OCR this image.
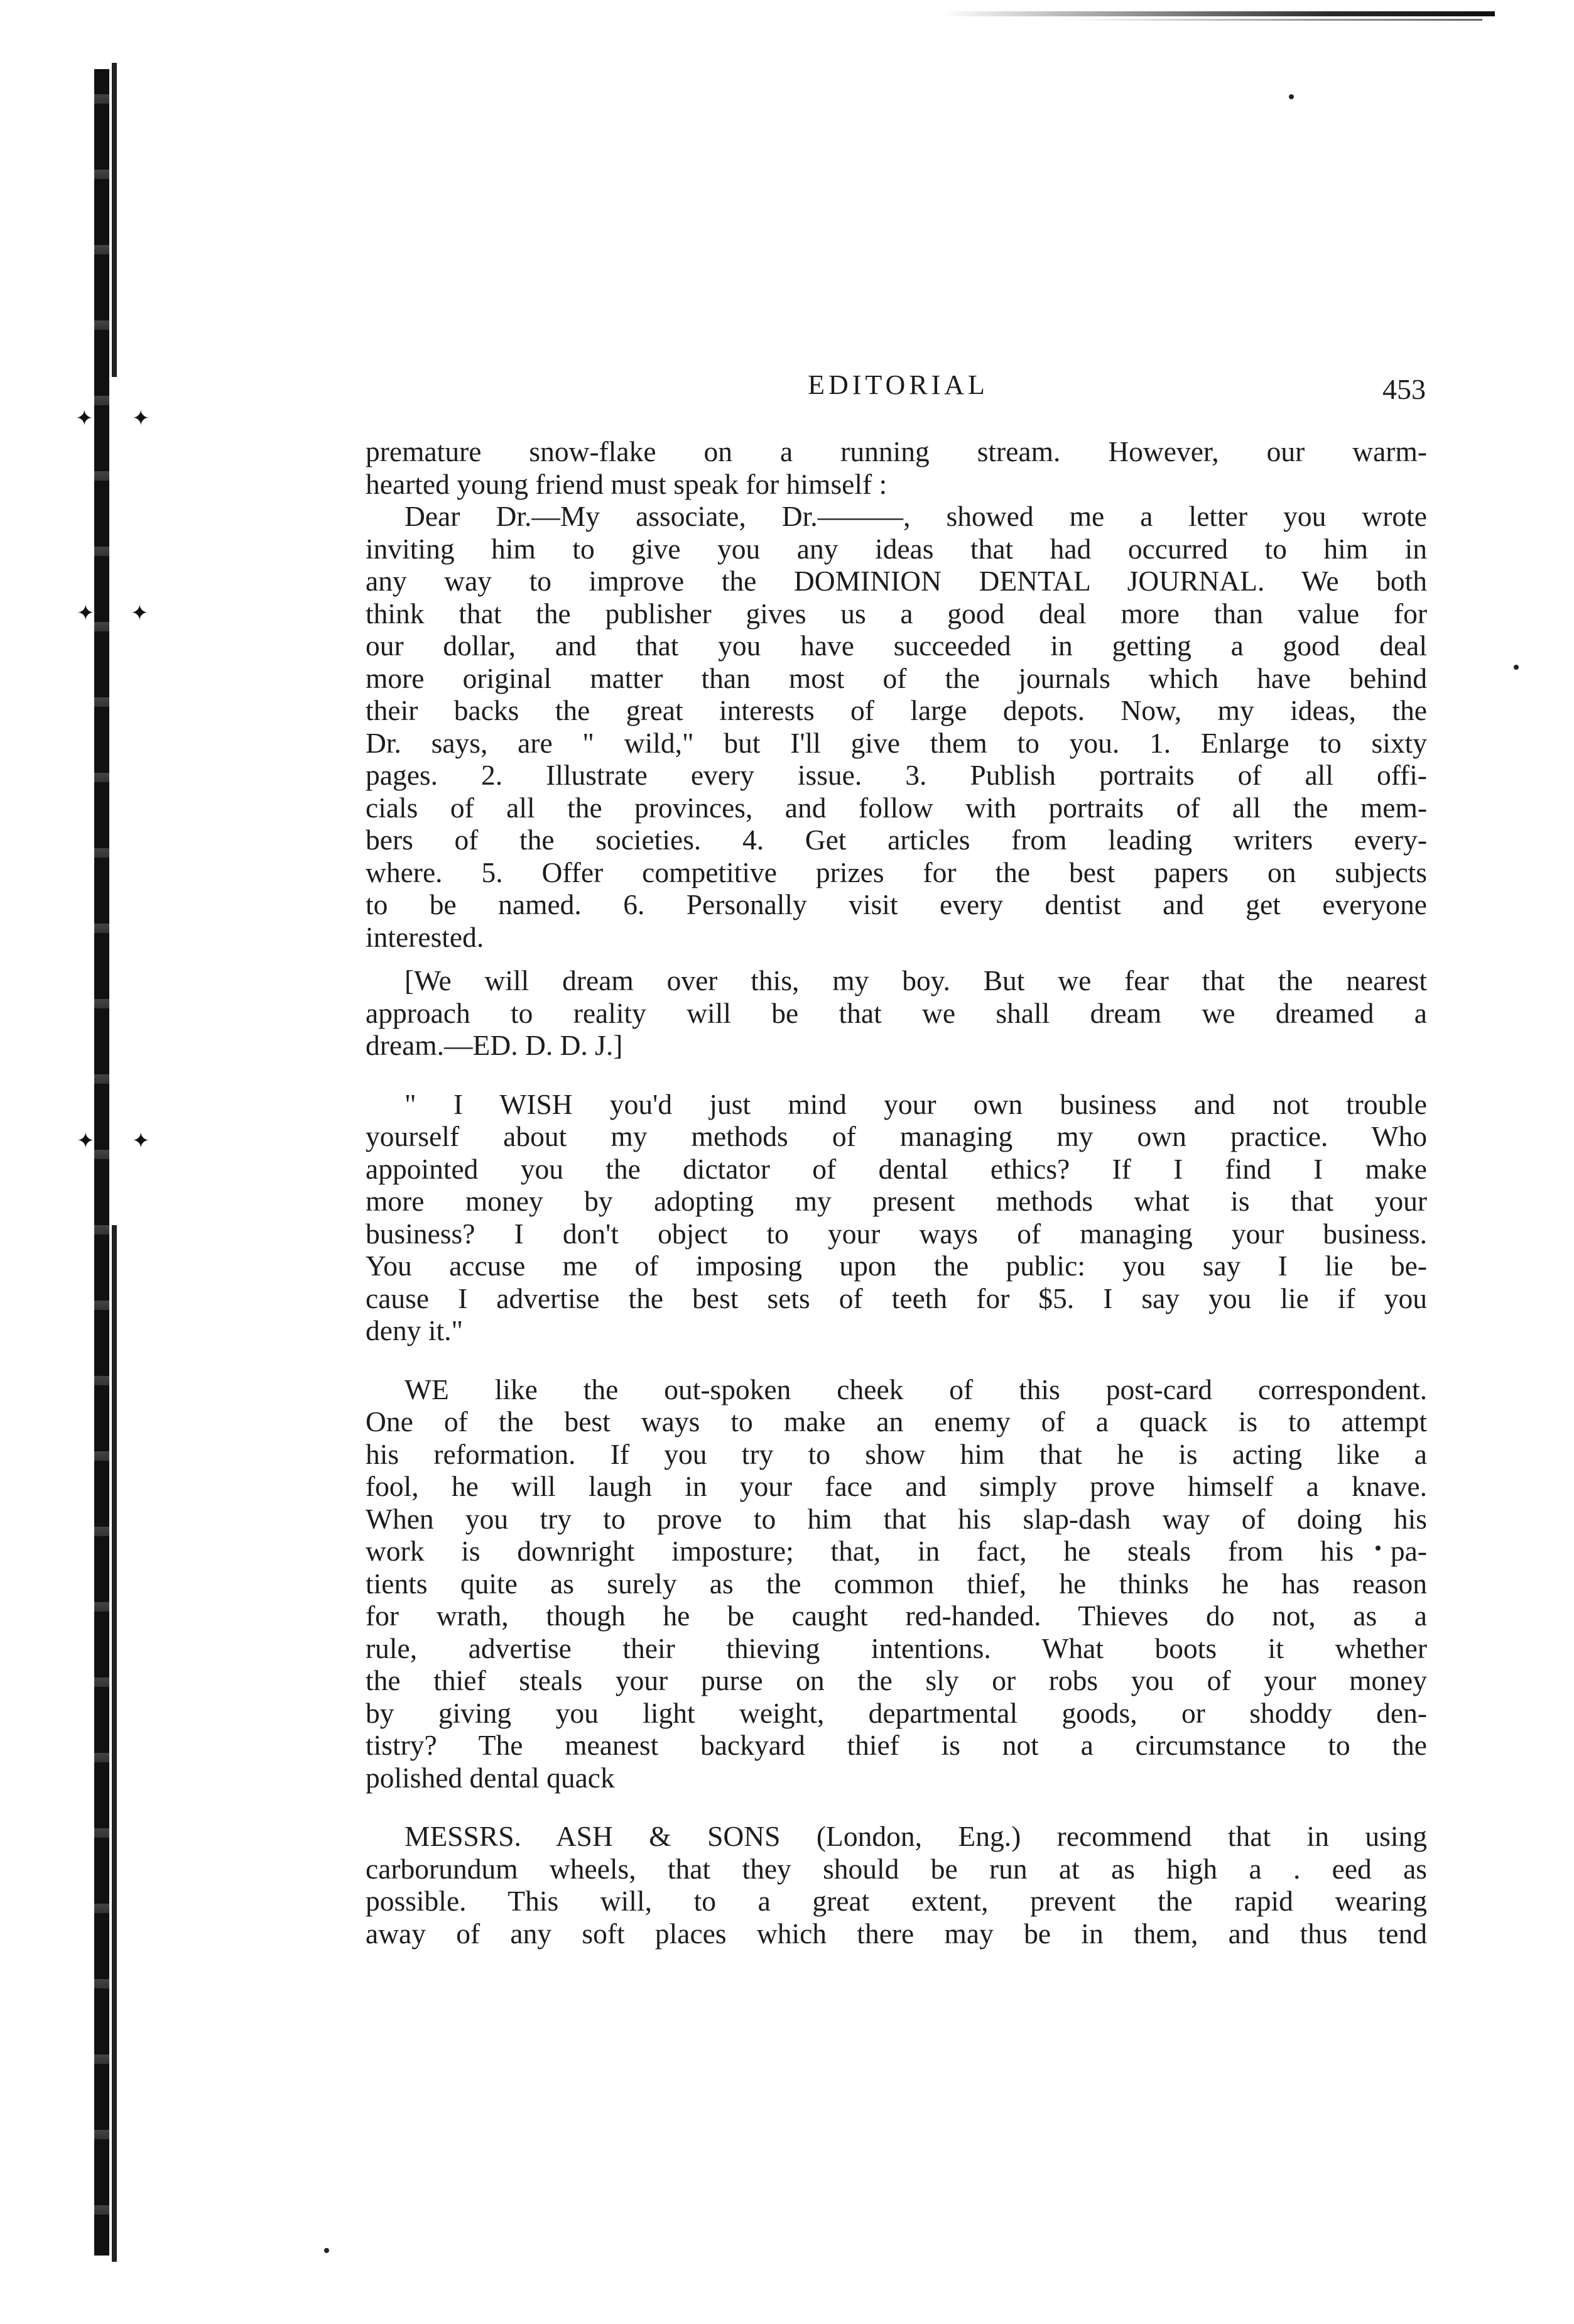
✦ ✦
✦ ✦
✦ ✦
EDITORIAL	453

premature snow-flake on a running stream. However, our warm-
hearted young friend must speak for himself :

Dear Dr.—My associate, Dr.———, showed me a letter you wrote
inviting him to give you any ideas that had occurred to him in
any way to improve the DOMINION DENTAL JOURNAL. We both
think that the publisher gives us a good deal more than value for
our dollar, and that you have succeeded in getting a good deal
more original matter than most of the journals which have behind
their backs the great interests of large depots. Now, my ideas, the
Dr. says, are " wild," but I'll give them to you. 1. Enlarge to sixty
pages. 2. Illustrate every issue. 3. Publish portraits of all offi-
cials of all the provinces, and follow with portraits of all the mem-
bers of the societies. 4. Get articles from leading writers every-
where. 5. Offer competitive prizes for the best papers on subjects
to be named. 6. Personally visit every dentist and get everyone
interested.

[We will dream over this, my boy. But we fear that the nearest
approach to reality will be that we shall dream we dreamed a
dream.—ED. D. D. J.]

" I WISH you'd just mind your own business and not trouble
yourself about my methods of managing my own practice. Who
appointed you the dictator of dental ethics? If I find I make
more money by adopting my present methods what is that your
business? I don't object to your ways of managing your business.
You accuse me of imposing upon the public: you say I lie be-
cause I advertise the best sets of teeth for $5. I say you lie if you
deny it."

WE like the out-spoken cheek of this post-card correspondent.
One of the best ways to make an enemy of a quack is to attempt
his reformation. If you try to show him that he is acting like a
fool, he will laugh in your face and simply prove himself a knave.
When you try to prove to him that his slap-dash way of doing his
work is downright imposture; that, in fact, he steals from his pa-
tients quite as surely as the common thief, he thinks he has reason
for wrath, though he be caught red-handed. Thieves do not, as a
rule, advertise their thieving intentions. What boots it whether
the thief steals your purse on the sly or robs you of your money
by giving you light weight, departmental goods, or shoddy den-
tistry? The meanest backyard thief is not a circumstance to the
polished dental quack

MESSRS. ASH & SONS (London, Eng.) recommend that in using
carborundum wheels, that they should be run at as high a . eed as
possible. This will, to a great extent, prevent the rapid wearing
away of any soft places which there may be in them, and thus tend
